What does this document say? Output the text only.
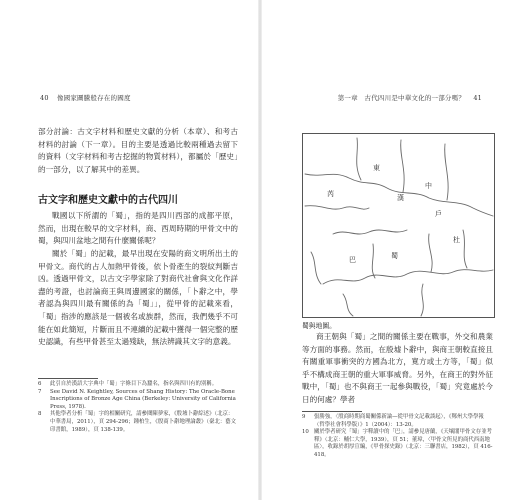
40 像國家圖騰般存在的國度
部分討論：古文字材料和歷史文獻的分析（本章）、和考古材料的討論（下一章）。目的主要是透過比較兩種過去留下的資料（文字材料和考古挖掘的物質材料），都屬於「歷史」的一部分，以了解其中的差異。
古文字和歷史文獻中的古代四川
戰國以下所謂的「蜀」，指的是四川西部的成都平原，然而，出現在較早的文字材料，商、西周時期的甲骨文中的蜀，與四川盆地之間有什麼關係呢？
關於「蜀」的記載，最早出現在安陽的商文明所出土的甲骨文。商代的占人加熱甲骨後，依卜骨產生的裂紋判斷吉凶。透過甲骨文，以古文字學家除了對商代社會與文化作詳盡的考證，也討論商王與周邊國家的關係，「卜辭之中，學者認為與四川最有關係的為「蜀」」，從甲骨的記載來看，「蜀」指涉的應該是一個被名或族群，然而，我們幾乎不可能在如此簡短，片斷而且不連續的記載中獲得一個完整的歷史認識，有些甲骨甚至太過殘缺，無法辨識其文字的意義。
6	此引自於漢語大字典中「蜀」字條目下為蠶名，指名與四川有的別稱。
7	See David N. Keightley, Sources of Shang History: The Oracle-Bone Inscriptions of Bronze Age China (Berkeley: University of California Press, 1978).
8	其他學者分析「蜀」字的相關研究，請參閱陳夢家，《殷墟卜辭綜述》（北京：中華書局，2011），頁 294-296；鍾柏生，《殷商卜辭地理論叢》（臺北：藝文印書館，1989），頁 138-139。
第一章　古代四川是中華文化的一部分嗎？ 41
東
漢
中
芮
戶
杜
蜀
巴
蜀與地圖。
商王朝與「蜀」之間的關係主要在戰事，外交和農業等方面的事務。然而，在殷墟卜辭中，與商王朝較直接且有關重軍事衝突的方國為北方，寬方或土方等，「蜀」似乎不構成商王朝的重大軍事威脅。另外，在商王的對外征戰中，「蜀」也不與商王一起參與戰役，「蜀」究竟處於今日的何處？學者
9	張勝強，〈殷商時期商蜀關係新論—從甲骨文記載談起〉，《鄭州大學學報（哲學社會科學版）》1（2004）：13-20。
10 關於學者研究「蜀」字釋讀中的「巴」，請參見唐蘭，《天壤閣甲骨文存並考釋》（北京：輔仁大學，1939），頁 51；董璋，〈甲骨文所見的商代西南地區〉，收錄於胡厚宣編，《甲骨探史錄》（北京：三聯書店，1982），頁 416-418。
